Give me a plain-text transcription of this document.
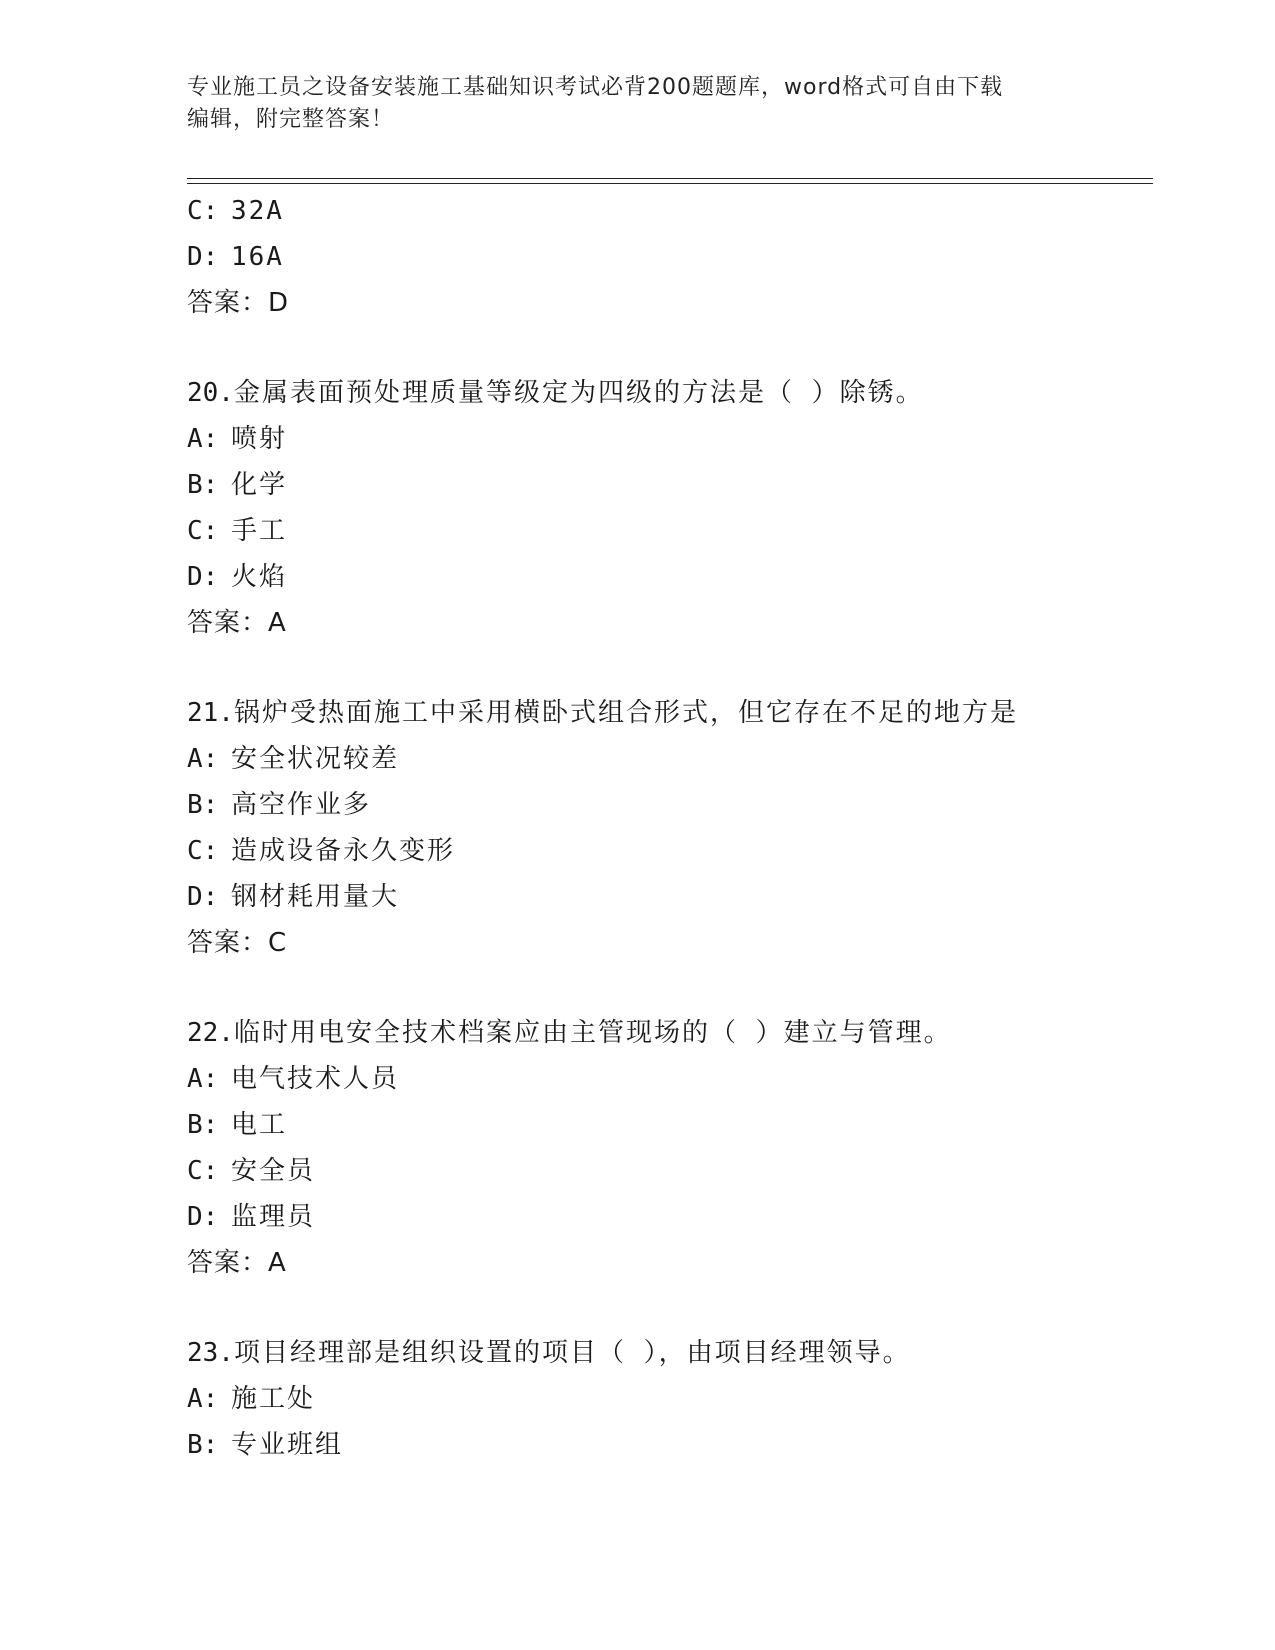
专业施工员之设备安装施工基础知识考试必背200题题库，word格式可自由下载
编辑，附完整答案！
C: 32A
D: 16A
答案：D
20.金属表面预处理质量等级定为四级的方法是（ ）除锈。
A: 喷射
B: 化学
C: 手工
D: 火焰
答案：A
21.锅炉受热面施工中采用横卧式组合形式，但它存在不足的地方是
A: 安全状况较差
B: 高空作业多
C: 造成设备永久变形
D: 钢材耗用量大
答案：C
22.临时用电安全技术档案应由主管现场的（ ）建立与管理。
A: 电气技术人员
B: 电工
C: 安全员
D: 监理员
答案：A
23.项目经理部是组织设置的项目（ ），由项目经理领导。
A: 施工处
B: 专业班组
